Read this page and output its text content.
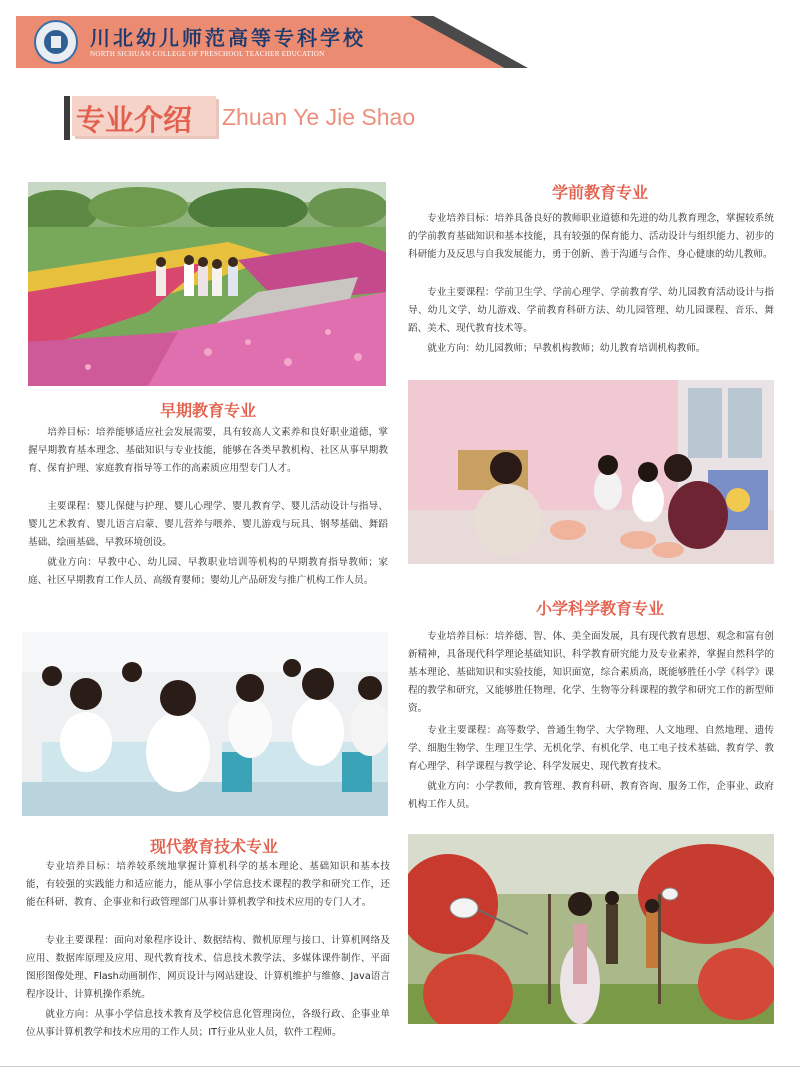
川北幼儿师范高等专科学校
NORTH SICHUAN COLLEGE OF PRESCHOOL TEACHER EDUCATION
专业介绍 Zhuan Ye Jie Shao
学前教育专业

专业培养目标：培养具备良好的教师职业道德和先进的幼儿教育理念，掌握较系统的学前教育基础知识和基本技能，具有较强的保育能力、活动设计与组织能力、初步的科研能力及反思与自我发展能力，勇于创新、善于沟通与合作、身心健康的幼儿教师。

专业主要课程：学前卫生学、学前心理学、学前教育学、幼儿园教育活动设计与指导、幼儿文学、幼儿游戏、学前教育科研方法、幼儿园管理、幼儿园课程、音乐、舞蹈、美术、现代教育技术等。

就业方向：幼儿园教师；早教机构教师；幼儿教育培训机构教师。

早期教育专业

培养目标：培养能够适应社会发展需要，具有较高人文素养和良好职业道德，掌握早期教育基本理念、基础知识与专业技能，能够在各类早教机构、社区从事早期教育、保育护理、家庭教育指导等工作的高素质应用型专门人才。

主要课程：婴儿保健与护理、婴儿心理学、婴儿教育学、婴儿活动设计与指导、婴儿艺术教育、婴儿语言启蒙、婴儿营养与喂养、婴儿游戏与玩具、钢琴基础、舞蹈基础、绘画基础、早教环境创设。

就业方向：早教中心、幼儿园、早教职业培训等机构的早期教育指导教师；家庭、社区早期教育工作人员、高级育婴师；婴幼儿产品研发与推广机构工作人员。

小学科学教育专业

专业培养目标：培养德、智、体、美全面发展，具有现代教育思想、观念和富有创新精神，具备现代科学理论基础知识、科学教育研究能力及专业素养，掌握自然科学的基本理论、基础知识和实验技能，知识面宽，综合素质高，既能够胜任小学《科学》课程的教学和研究，又能够胜任物理、化学、生物等分科课程的教学和研究工作的新型师资。

专业主要课程：高等数学、普通生物学、大学物理、人文地理、自然地理、遗传学、细胞生物学、生理卫生学、无机化学、有机化学、电工电子技术基础、教育学、教育心理学、科学课程与教学论、科学发展史、现代教育技术。

就业方向：小学教师，教育管理、教育科研、教育咨询、服务工作，企事业、政府机构工作人员。

现代教育技术专业

专业培养目标：培养较系统地掌握计算机科学的基本理论、基础知识和基本技能，有较强的实践能力和适应能力，能从事小学信息技术课程的教学和研究工作，还能在科研、教育、企事业和行政管理部门从事计算机教学和技术应用的专门人才。

专业主要课程：面向对象程序设计、数据结构、微机原理与接口、计算机网络及应用、数据库原理及应用、现代教育技术、信息技术教学法、多媒体课件制作、平面图形图像处理、Flash动画制作、网页设计与网站建设、计算机维护与维修、Java语言程序设计、计算机操作系统。

就业方向：从事小学信息技术教育及学校信息化管理岗位，各级行政、企事业单位从事计算机教学和技术应用的工作人员；IT行业从业人员，软件工程师。
